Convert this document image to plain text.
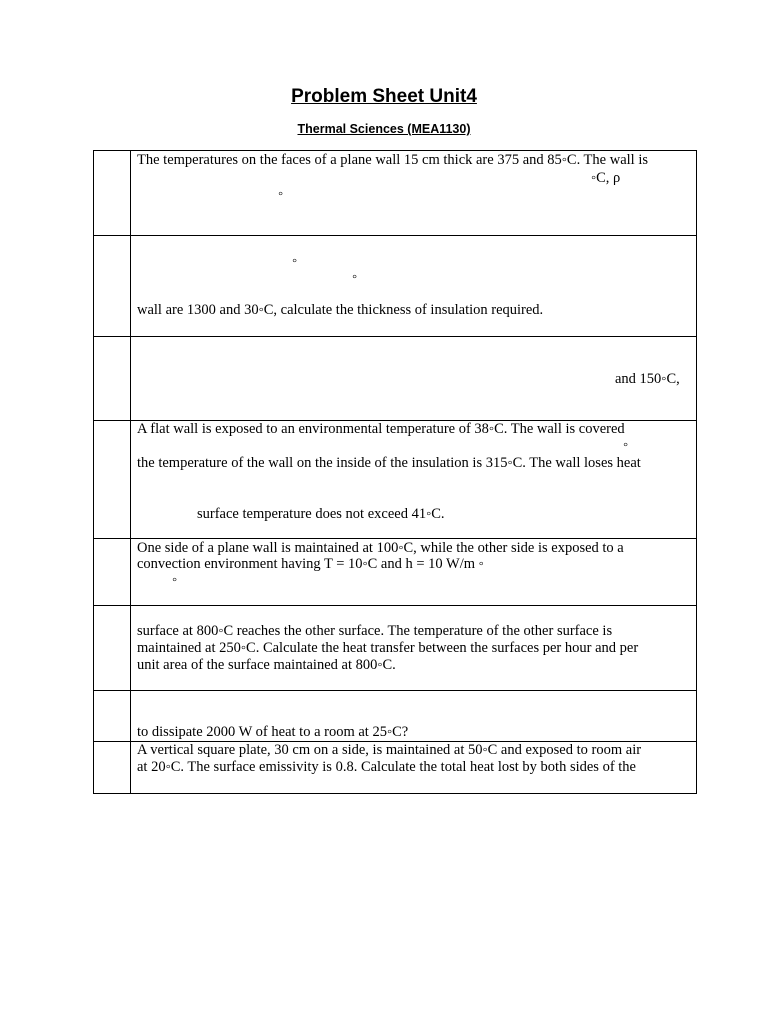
Problem Sheet Unit4
Thermal Sciences (MEA1130)
The temperatures on the faces of a plane wall 15 cm thick are 375 and 85◦C. The wall is
◦C, ρ
◦
◦
◦
wall are 1300 and 30◦C, calculate the thickness of insulation required.
and 150◦C,
A flat wall is exposed to an environmental temperature of 38◦C. The wall is covered
◦
the temperature of the wall on the inside of the insulation is 315◦C. The wall loses heat
surface temperature does not exceed 41◦C.
One side of a plane wall is maintained at 100◦C, while the other side is exposed to a
convection environment having T = 10◦C and h = 10 W/m ◦
◦
surface at 800◦C reaches the other surface. The temperature of the other surface is
maintained at 250◦C. Calculate the heat transfer between the surfaces per hour and per
unit area of the surface maintained at 800◦C.
to dissipate 2000 W of heat to a room at 25◦C?
A vertical square plate, 30 cm on a side, is maintained at 50◦C and exposed to room air
at 20◦C. The surface emissivity is 0.8. Calculate the total heat lost by both sides of the
